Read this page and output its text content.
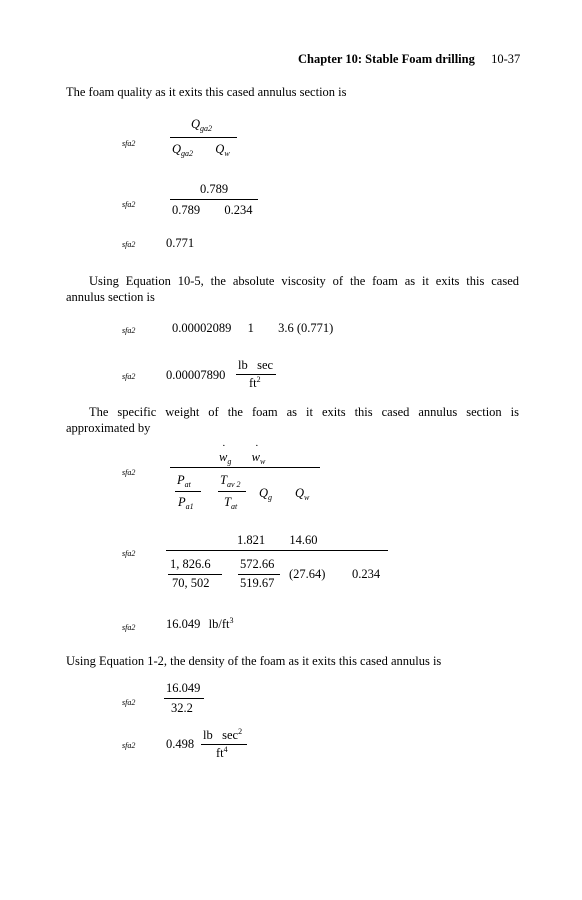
Chapter 10: Stable Foam drilling 10-37
The foam quality as it exits this cased annulus section is
sfa2
$Q_{ga2}$
$Q_{ga2}$ $Q_w$
sfa2
0.789
0.789 0.234
sfa2 0.771
Using Equation 10-5, the absolute viscosity of the foam as it exits this cased
annulus section is
sfa2	0.00002089 1 3.6 (0.771)
sfa2 0.00007890
lb   sec
$ft^2$
The specific weight of the foam as it exits this cased annulus section is
approximated by
sfa2
·	·
$w_g$ $w_w$
$P_{at}$
$P_{a1}$
$T_{av 2}$
$T_{at}$
$Q_g$ $Q_w$
sfa2
1.821 14.60
1, 826.6
70, 502
572.66
519.67
(27.64) 0.234
sfa2 16.049 $lb/ft^3$
Using Equation 1-2, the density of the foam as it exits this cased annulus is
sfa2
16.049
32.2
sfa2 0.498
lb   $\sec^2$
$ft^4$
